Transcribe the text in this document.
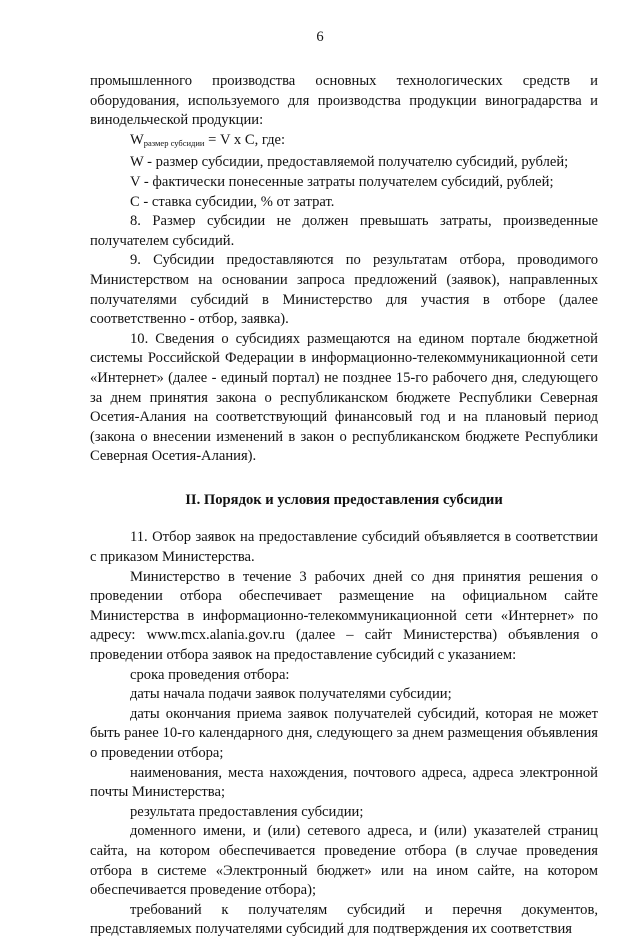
6

промышленного производства основных технологических средств и оборудования, используемого для производства продукции виноградарства и винодельческой продукции:

$W_{размер субсидии} = V$ x C, где:

W - размер субсидии, предоставляемой получателю субсидий, рублей;

V - фактически понесенные затраты получателем субсидий, рублей;

C - ставка субсидии, % от затрат.

8. Размер субсидии не должен превышать затраты, произведенные получателем субсидий.

9. Субсидии предоставляются по результатам отбора, проводимого Министерством на основании запроса предложений (заявок), направленных получателями субсидий в Министерство для участия в отборе (далее соответственно - отбор, заявка).

10. Сведения о субсидиях размещаются на едином портале бюджетной системы Российской Федерации в информационно-телекоммуникационной сети «Интернет» (далее - единый портал) не позднее 15-го рабочего дня, следующего за днем принятия закона о республиканском бюджете Республики Северная Осетия-Алания на соответствующий финансовый год и на плановый период (закона о внесении изменений в закон о республиканском бюджете Республики Северная Осетия-Алания).

II. Порядок и условия предоставления субсидии

11. Отбор заявок на предоставление субсидий объявляется в соответствии с приказом Министерства.

Министерство в течение 3 рабочих дней со дня принятия решения о проведении отбора обеспечивает размещение на официальном сайте Министерства в информационно-телекоммуникационной сети «Интернет» по адресу: www.mcx.alania.gov.ru (далее – сайт Министерства) объявления о проведении отбора заявок на предоставление субсидий с указанием:

срока проведения отбора:

даты начала подачи заявок получателями субсидии;

даты окончания приема заявок получателей субсидий, которая не может быть ранее 10-го календарного дня, следующего за днем размещения объявления о проведении отбора;

наименования, места нахождения, почтового адреса, адреса электронной почты Министерства;

результата предоставления субсидии;

доменного имени, и (или) сетевого адреса, и (или) указателей страниц сайта, на котором обеспечивается проведение отбора (в случае проведения отбора в системе «Электронный бюджет» или на ином сайте, на котором обеспечивается проведение отбора);

требований к получателям субсидий и перечня документов, представляемых получателями субсидий для подтверждения их соответствия
